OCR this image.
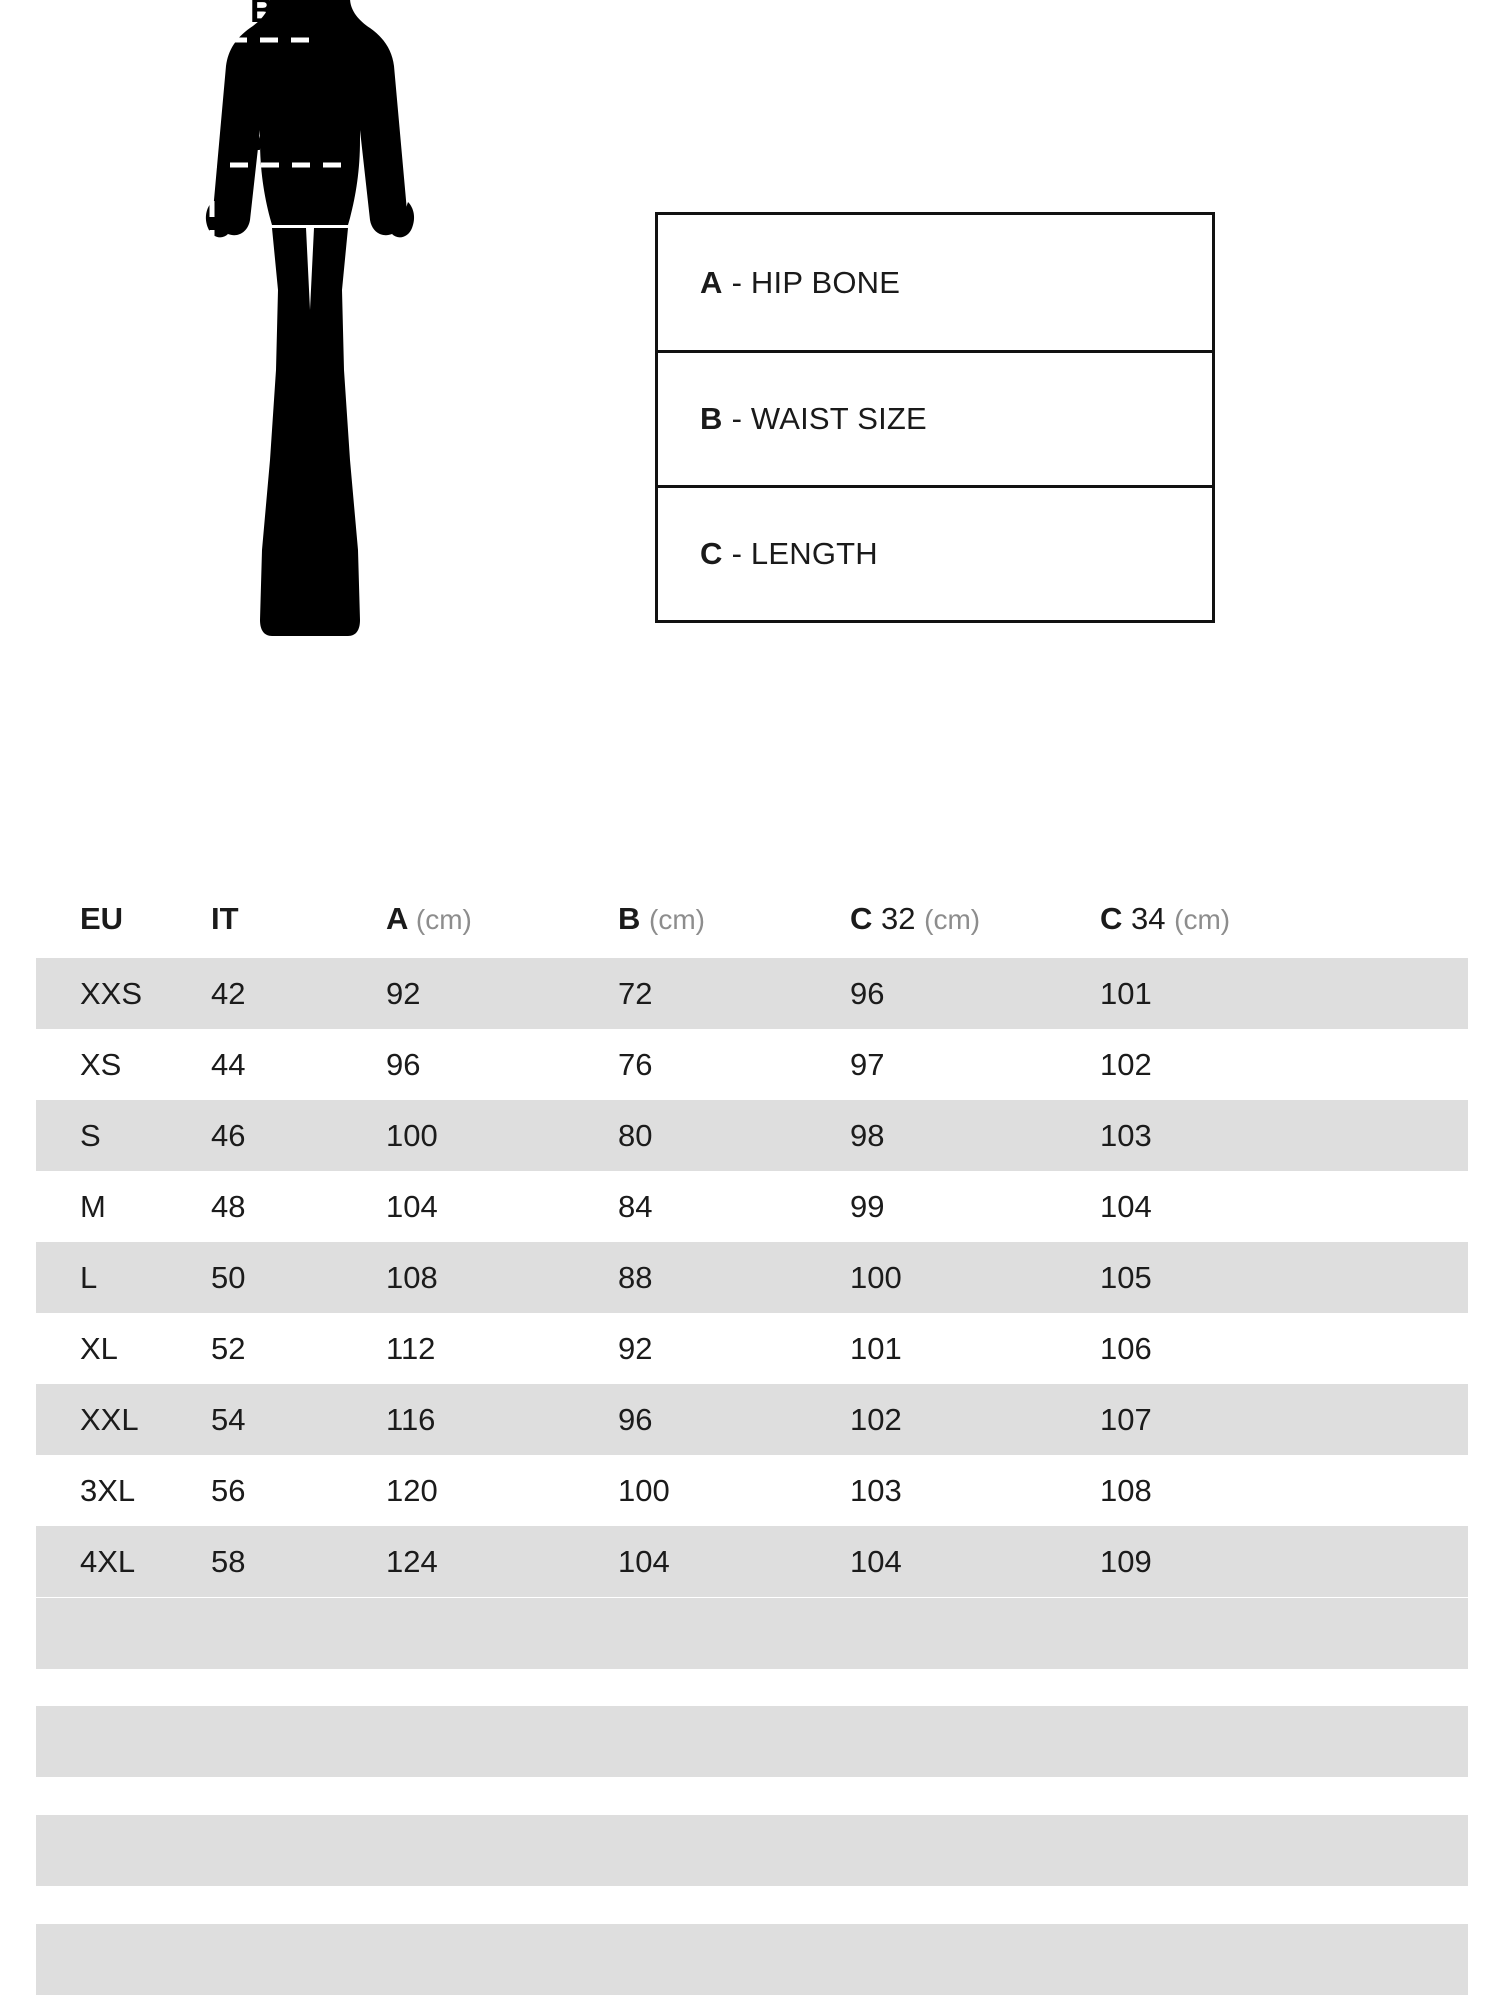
B
A
C
A - HIP BONE
B - WAIST SIZE
C - LENGTH
EU	IT	A (cm)	B (cm)	C 32 (cm)	C 34 (cm)
XXS	42	92	72	96	101
XS	44	96	76	97	102
S	46	100	80	98	103
M	48	104	84	99	104
L	50	108	88	100	105
XL	52	112	92	101	106
XXL	54	116	96	102	107
3XL	56	120	100	103	108
4XL	58	124	104	104	109
